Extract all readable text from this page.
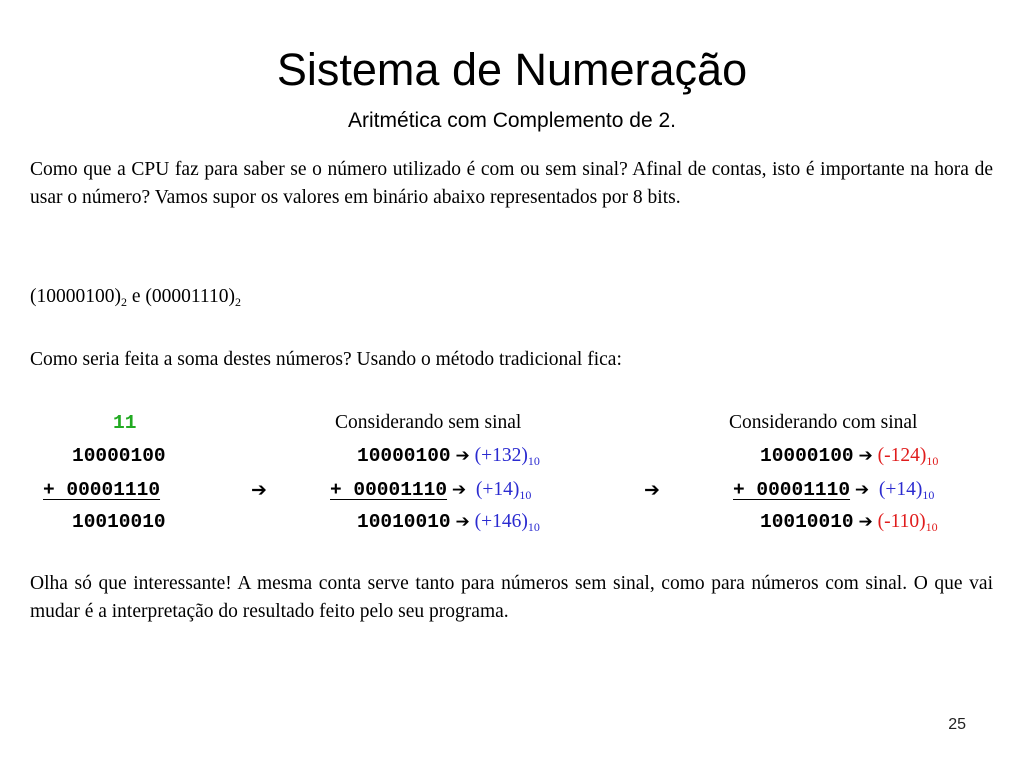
Sistema de Numeração
Aritmética com Complemento de 2.
Como que a CPU faz para saber se o número utilizado é com ou sem sinal? Afinal de contas, isto é importante na hora de usar o número? Vamos supor os valores em binário abaixo representados por 8 bits.
$(10000100)_2$ e $(00001110)_2$
Como seria feita a soma destes números? Usando o método tradicional fica:
11
10000100
+ 00001110
10010010
➔
Considerando sem sinal
10000100 ➔ $(+132)_{10}$
+ 00001110 ➔ $(+14)_{10}$
10010010 ➔ $(+146)_{10}$
➔
Considerando com sinal
10000100 ➔ $(-124)_{10}$
+ 00001110 ➔ $(+14)_{10}$
10010010 ➔ $(-110)_{10}$
Olha só que interessante! A mesma conta serve tanto para números sem sinal, como para números com sinal. O que vai mudar é a interpretação do resultado feito pelo seu programa.
25
